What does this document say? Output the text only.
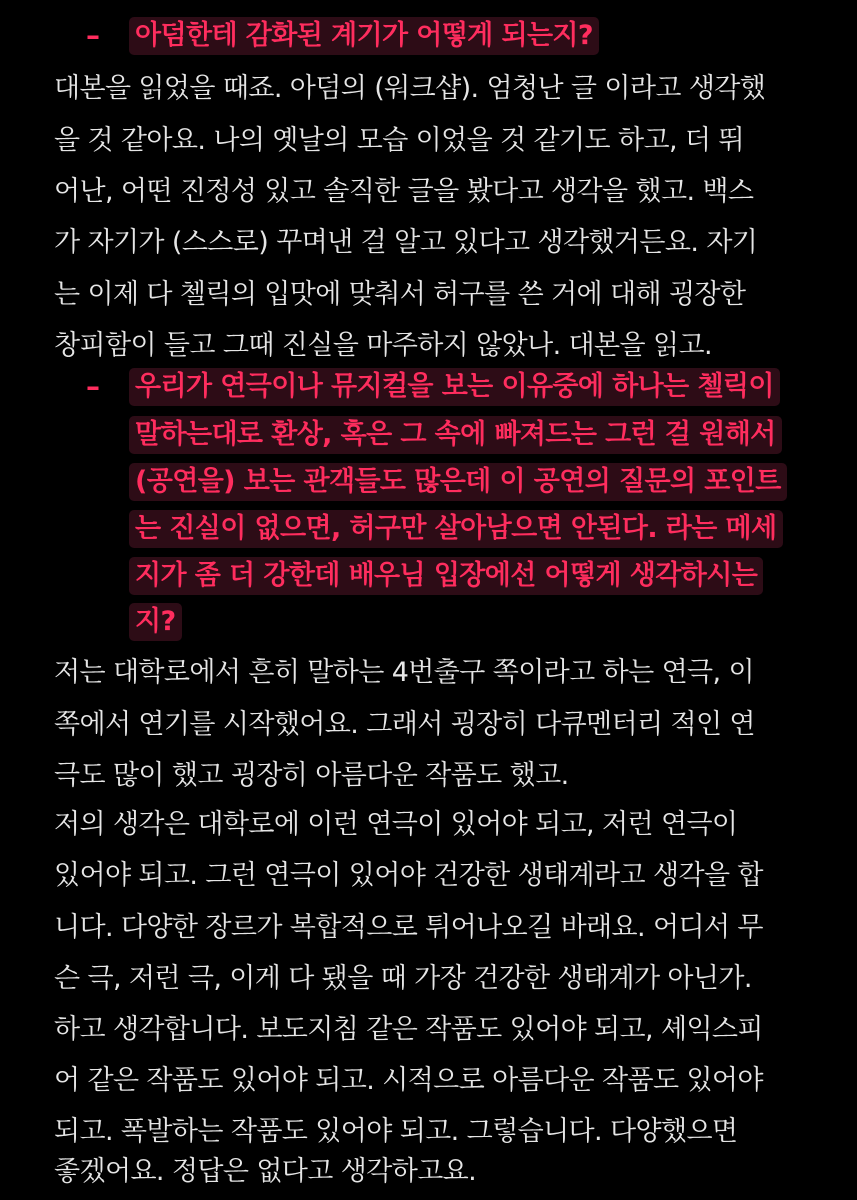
– 아덤한테 감화된 계기가 어떻게 되는지?
대본을 읽었을 때죠. 아덤의 (워크샵). 엄청난 글 이라고 생각했
을 것 같아요. 나의 옛날의 모습 이었을 것 같기도 하고, 더 뛰
어난, 어떤 진정성 있고 솔직한 글을 봤다고 생각을 했고. 백스
가 자기가 (스스로) 꾸며낸 걸 알고 있다고 생각했거든요. 자기
는 이제 다 첼릭의 입맛에 맞춰서 허구를 쓴 거에 대해 굉장한
창피함이 들고 그때 진실을 마주하지 않았나. 대본을 읽고.
– 우리가 연극이나 뮤지컬을 보는 이유중에 하나는 첼릭이
말하는대로 환상, 혹은 그 속에 빠져드는 그런 걸 원해서
(공연을) 보는 관객들도 많은데 이 공연의 질문의 포인트
는 진실이 없으면, 허구만 살아남으면 안된다. 라는 메세
지가 좀 더 강한데 배우님 입장에선 어떻게 생각하시는
지?
저는 대학로에서 흔히 말하는 4번출구 쪽이라고 하는 연극, 이
쪽에서 연기를 시작했어요. 그래서 굉장히 다큐멘터리 적인 연
극도 많이 했고 굉장히 아름다운 작품도 했고.
저의 생각은 대학로에 이런 연극이 있어야 되고, 저런 연극이
있어야 되고. 그런 연극이 있어야 건강한 생태계라고 생각을 합
니다. 다양한 장르가 복합적으로 튀어나오길 바래요. 어디서 무
슨 극, 저런 극, 이게 다 됐을 때 가장 건강한 생태계가 아닌가.
하고 생각합니다. 보도지침 같은 작품도 있어야 되고, 셰익스피
어 같은 작품도 있어야 되고. 시적으로 아름다운 작품도 있어야
되고. 폭발하는 작품도 있어야 되고. 그렇습니다. 다양했으면
좋겠어요. 정답은 없다고 생각하고요.
